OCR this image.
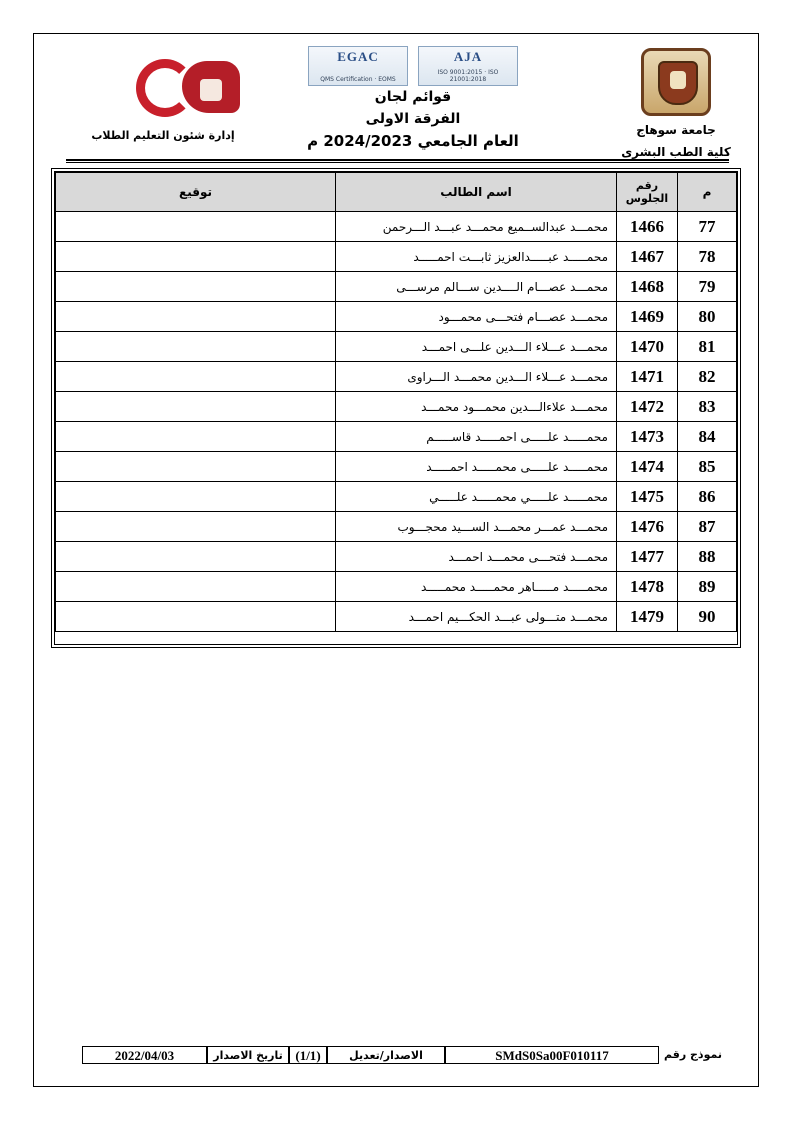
جامعة سوهاج
كلية الطب البشرى
AJA
ISO 9001:2015 · ISO 21001:2018
EGAC
QMS Certification · EOMS
قوائم لجان
الفرقة الاولى
العام الجامعي 2024/2023 م
إدارة شئون التعليم الطلاب
م	رقم الجلوس	اسم الطالب	توقيع
77	1466	محمـــد عبدالســميع محمـــد عبـــد الـــرحمن	
78	1467	محمـــــد عبـــــدالعزيز ثابـــت احمـــــد	
79	1468	محمـــد عصـــام الــــدين ســـالم مرســـى	
80	1469	محمـــد عصـــام فتحـــى محمـــود	
81	1470	محمـــد عـــلاء الـــدين علـــى احمـــد	
82	1471	محمـــد عـــلاء الـــدين محمـــد الـــراوى	
83	1472	محمـــد علاءالـــدين محمـــود محمـــد	
84	1473	محمـــــد علـــــى احمـــــد قاســـــم	
85	1474	محمـــــد علـــــى محمـــــد احمـــــد	
86	1475	محمـــــد علـــــي محمـــــد علـــــي	
87	1476	محمـــد عمـــر محمـــد الســـيد محجـــوب	
88	1477	محمـــد فتحـــى محمـــد احمـــد	
89	1478	محمـــــد مـــــاهر محمـــــد محمـــــد	
90	1479	محمـــد متـــولى عبـــد الحكـــيم احمـــد	
نموذج رقم
SMdS0Sa00F010117
الاصدار/تعديل
(1/1)
تاريخ الاصدار
2022/04/03
